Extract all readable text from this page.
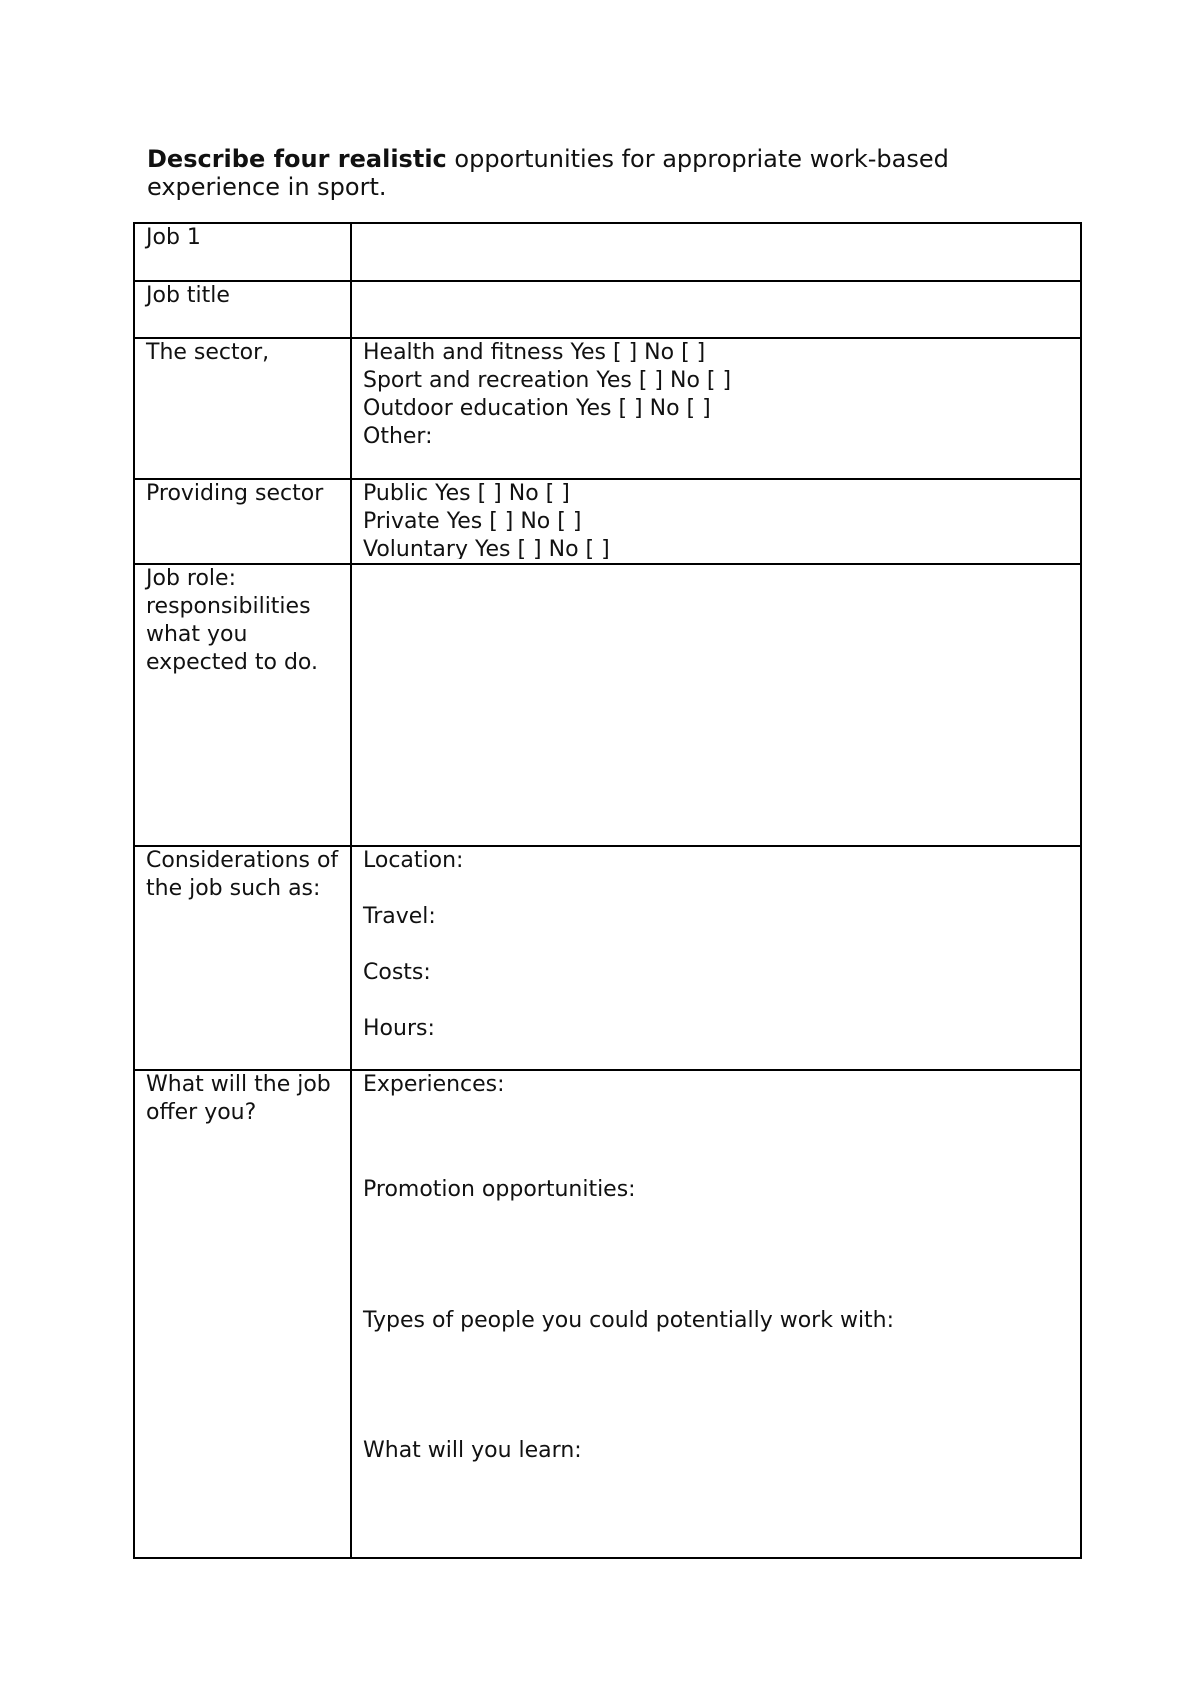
Describe four realistic opportunities for appropriate work-based experience in sport.
Job 1	
Job title	
The sector,	Health and fitness Yes [ ] No [ ]
Sport and recreation Yes [ ] No [ ]
Outdoor education Yes [ ] No [ ]
Other:

Providing sector	Public Yes [ ] No [ ]
Private Yes [ ] No [ ]
Voluntary Yes [ ] No [ ]

Job role: responsibilities what you expected to do.	
Considerations of the job such as:	Location:
Travel:
Costs:
Hours:

What will the job offer you?	Experiences:
Promotion opportunities:
Types of people you could potentially work with:
What will you learn:
